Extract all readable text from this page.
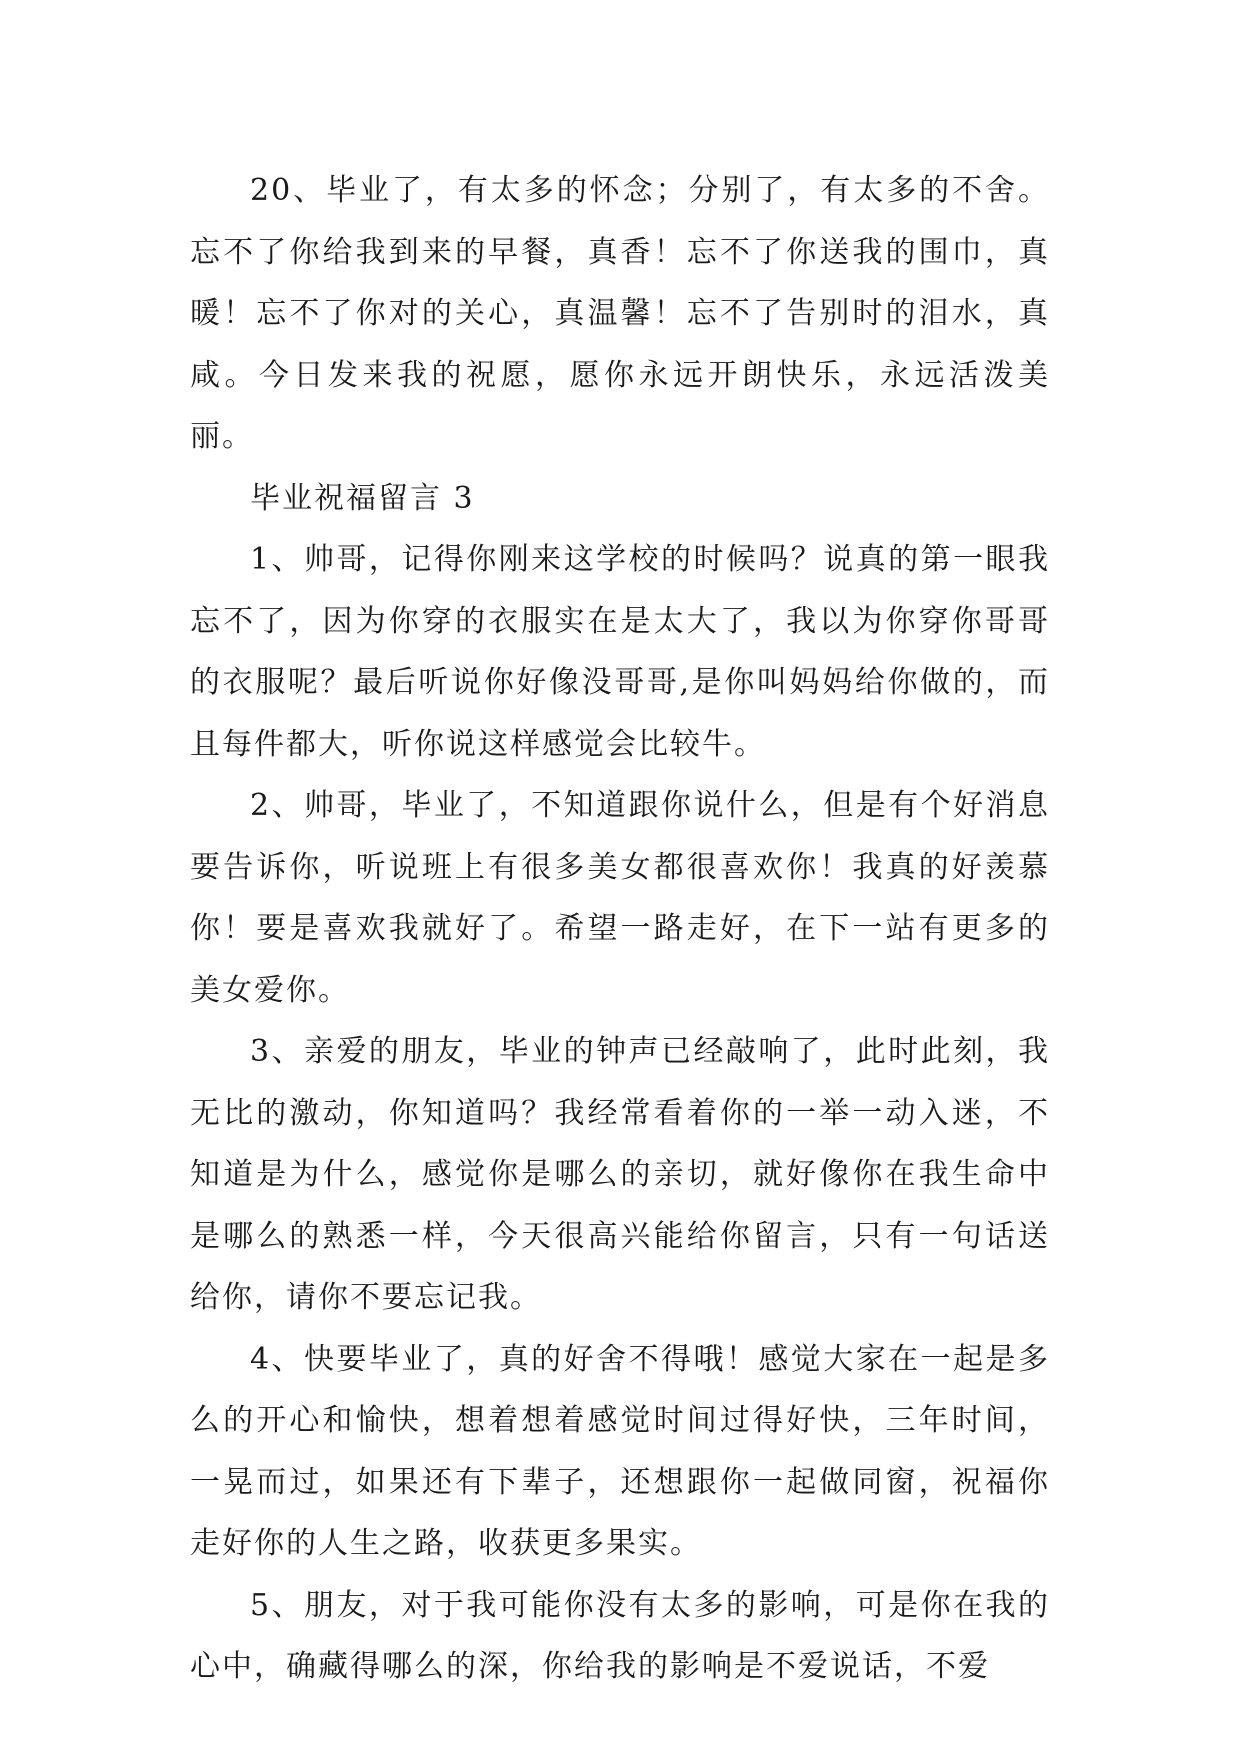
20、毕业了，有太多的怀念；分别了，有太多的不舍。忘不了你给我到来的早餐，真香！忘不了你送我的围巾，真暖！忘不了你对的关心，真温馨！忘不了告别时的泪水，真咸。今日发来我的祝愿，愿你永远开朗快乐，永远活泼美丽。

毕业祝福留言 3

1、帅哥，记得你刚来这学校的时候吗？说真的第一眼我忘不了，因为你穿的衣服实在是太大了，我以为你穿你哥哥的衣服呢？最后听说你好像没哥哥,是你叫妈妈给你做的，而且每件都大，听你说这样感觉会比较牛。

2、帅哥，毕业了，不知道跟你说什么，但是有个好消息要告诉你，听说班上有很多美女都很喜欢你！我真的好羡慕你！要是喜欢我就好了。希望一路走好，在下一站有更多的美女爱你。

3、亲爱的朋友，毕业的钟声已经敲响了，此时此刻，我无比的激动，你知道吗？我经常看着你的一举一动入迷，不知道是为什么，感觉你是哪么的亲切，就好像你在我生命中是哪么的熟悉一样，今天很高兴能给你留言，只有一句话送给你，请你不要忘记我。

4、快要毕业了，真的好舍不得哦！感觉大家在一起是多么的开心和愉快，想着想着感觉时间过得好快，三年时间，一晃而过，如果还有下辈子，还想跟你一起做同窗，祝福你走好你的人生之路，收获更多果实。

5、朋友，对于我可能你没有太多的影响，可是你在我的心中，确藏得哪么的深，你给我的影响是不爱说话，不爱
